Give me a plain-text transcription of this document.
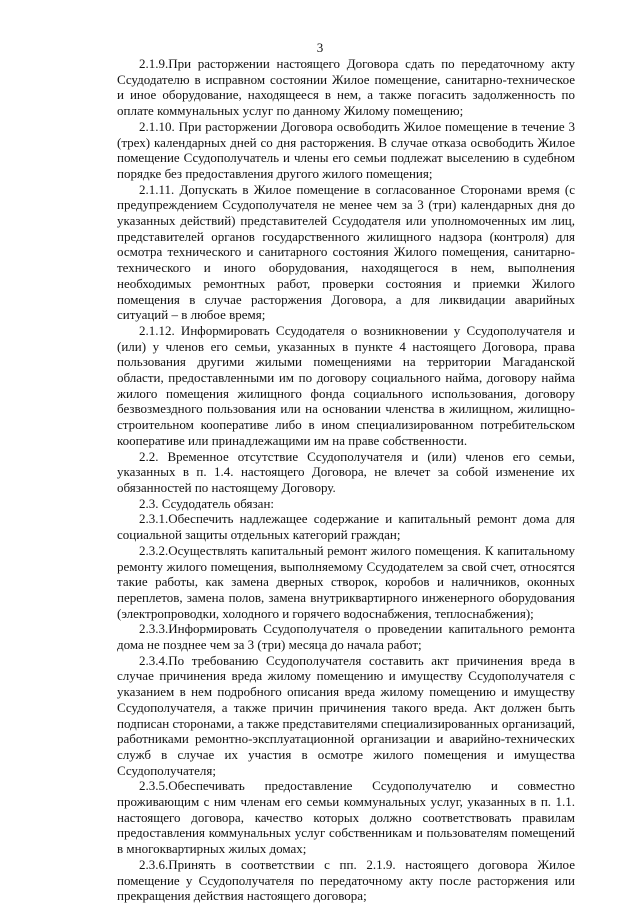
3

2.1.9.При расторжении настоящего Договора сдать по передаточному акту Ссудодателю в исправном состоянии Жилое помещение, санитарно-техническое и иное оборудование, находящееся в нем, а также погасить задолженность по оплате коммунальных услуг по данному Жилому помещению;

2.1.10. При расторжении Договора освободить Жилое помещение в течение 3 (трех) календарных дней со дня расторжения. В случае отказа освободить Жилое помещение Ссудополучатель и члены его семьи подлежат выселению в судебном порядке без предоставления другого жилого помещения;

2.1.11. Допускать в Жилое помещение в согласованное Сторонами время (с предупреждением Ссудополучателя не менее чем за 3 (три) календарных дня до указанных действий) представителей Ссудодателя или уполномоченных им лиц, представителей органов государственного жилищного надзора (контроля) для осмотра технического и санитарного состояния Жилого помещения, санитарно-технического и иного оборудования, находящегося в нем, выполнения необходимых ремонтных работ, проверки состояния и приемки Жилого помещения в случае расторжения Договора, а для ликвидации аварийных ситуаций – в любое время;

2.1.12. Информировать Ссудодателя о возникновении у Ссудополучателя и (или) у членов его семьи, указанных в пункте 4 настоящего Договора, права пользования другими жилыми помещениями на территории Магаданской области, предоставленными им по договору социального найма, договору найма жилого помещения жилищного фонда социального использования, договору безвозмездного пользования или на основании членства в жилищном, жилищно-строительном кооперативе либо в ином специализированном потребительском кооперативе или принадлежащими им на праве собственности.

2.2. Временное отсутствие Ссудополучателя и (или) членов его семьи, указанных в п. 1.4. настоящего Договора, не влечет за собой изменение их обязанностей по настоящему Договору.

2.3. Ссудодатель обязан:

2.3.1.Обеспечить надлежащее содержание и капитальный ремонт дома для социальной защиты отдельных категорий граждан;

2.3.2.Осуществлять капитальный ремонт жилого помещения. К капитальному ремонту жилого помещения, выполняемому Ссудодателем за свой счет, относятся такие работы, как замена дверных створок, коробов и наличников, оконных переплетов, замена полов, замена внутриквартирного инженерного оборудования (электропроводки, холодного и горячего водоснабжения, теплоснабжения);

2.3.3.Информировать Ссудополучателя о проведении капитального ремонта дома не позднее чем за 3 (три) месяца до начала работ;

2.3.4.По требованию Ссудополучателя составить акт причинения вреда в случае причинения вреда жилому помещению и имуществу Ссудополучателя с указанием в нем подробного описания вреда жилому помещению и имуществу Ссудополучателя, а также причин причинения такого вреда. Акт должен быть подписан сторонами, а также представителями специализированных организаций, работниками ремонтно-эксплуатационной организации и аварийно-технических служб в случае их участия в осмотре жилого помещения и имущества Ссудополучателя;

2.3.5.Обеспечивать предоставление Ссудополучателю и совместно проживающим с ним членам его семьи коммунальных услуг, указанных в п. 1.1. настоящего договора, качество которых должно соответствовать правилам предоставления коммунальных услуг собственникам и пользователям помещений в многоквартирных жилых домах;

2.3.6.Принять в соответствии с пп. 2.1.9. настоящего договора Жилое помещение у Ссудополучателя по передаточному акту после расторжения или прекращения действия настоящего договора;
